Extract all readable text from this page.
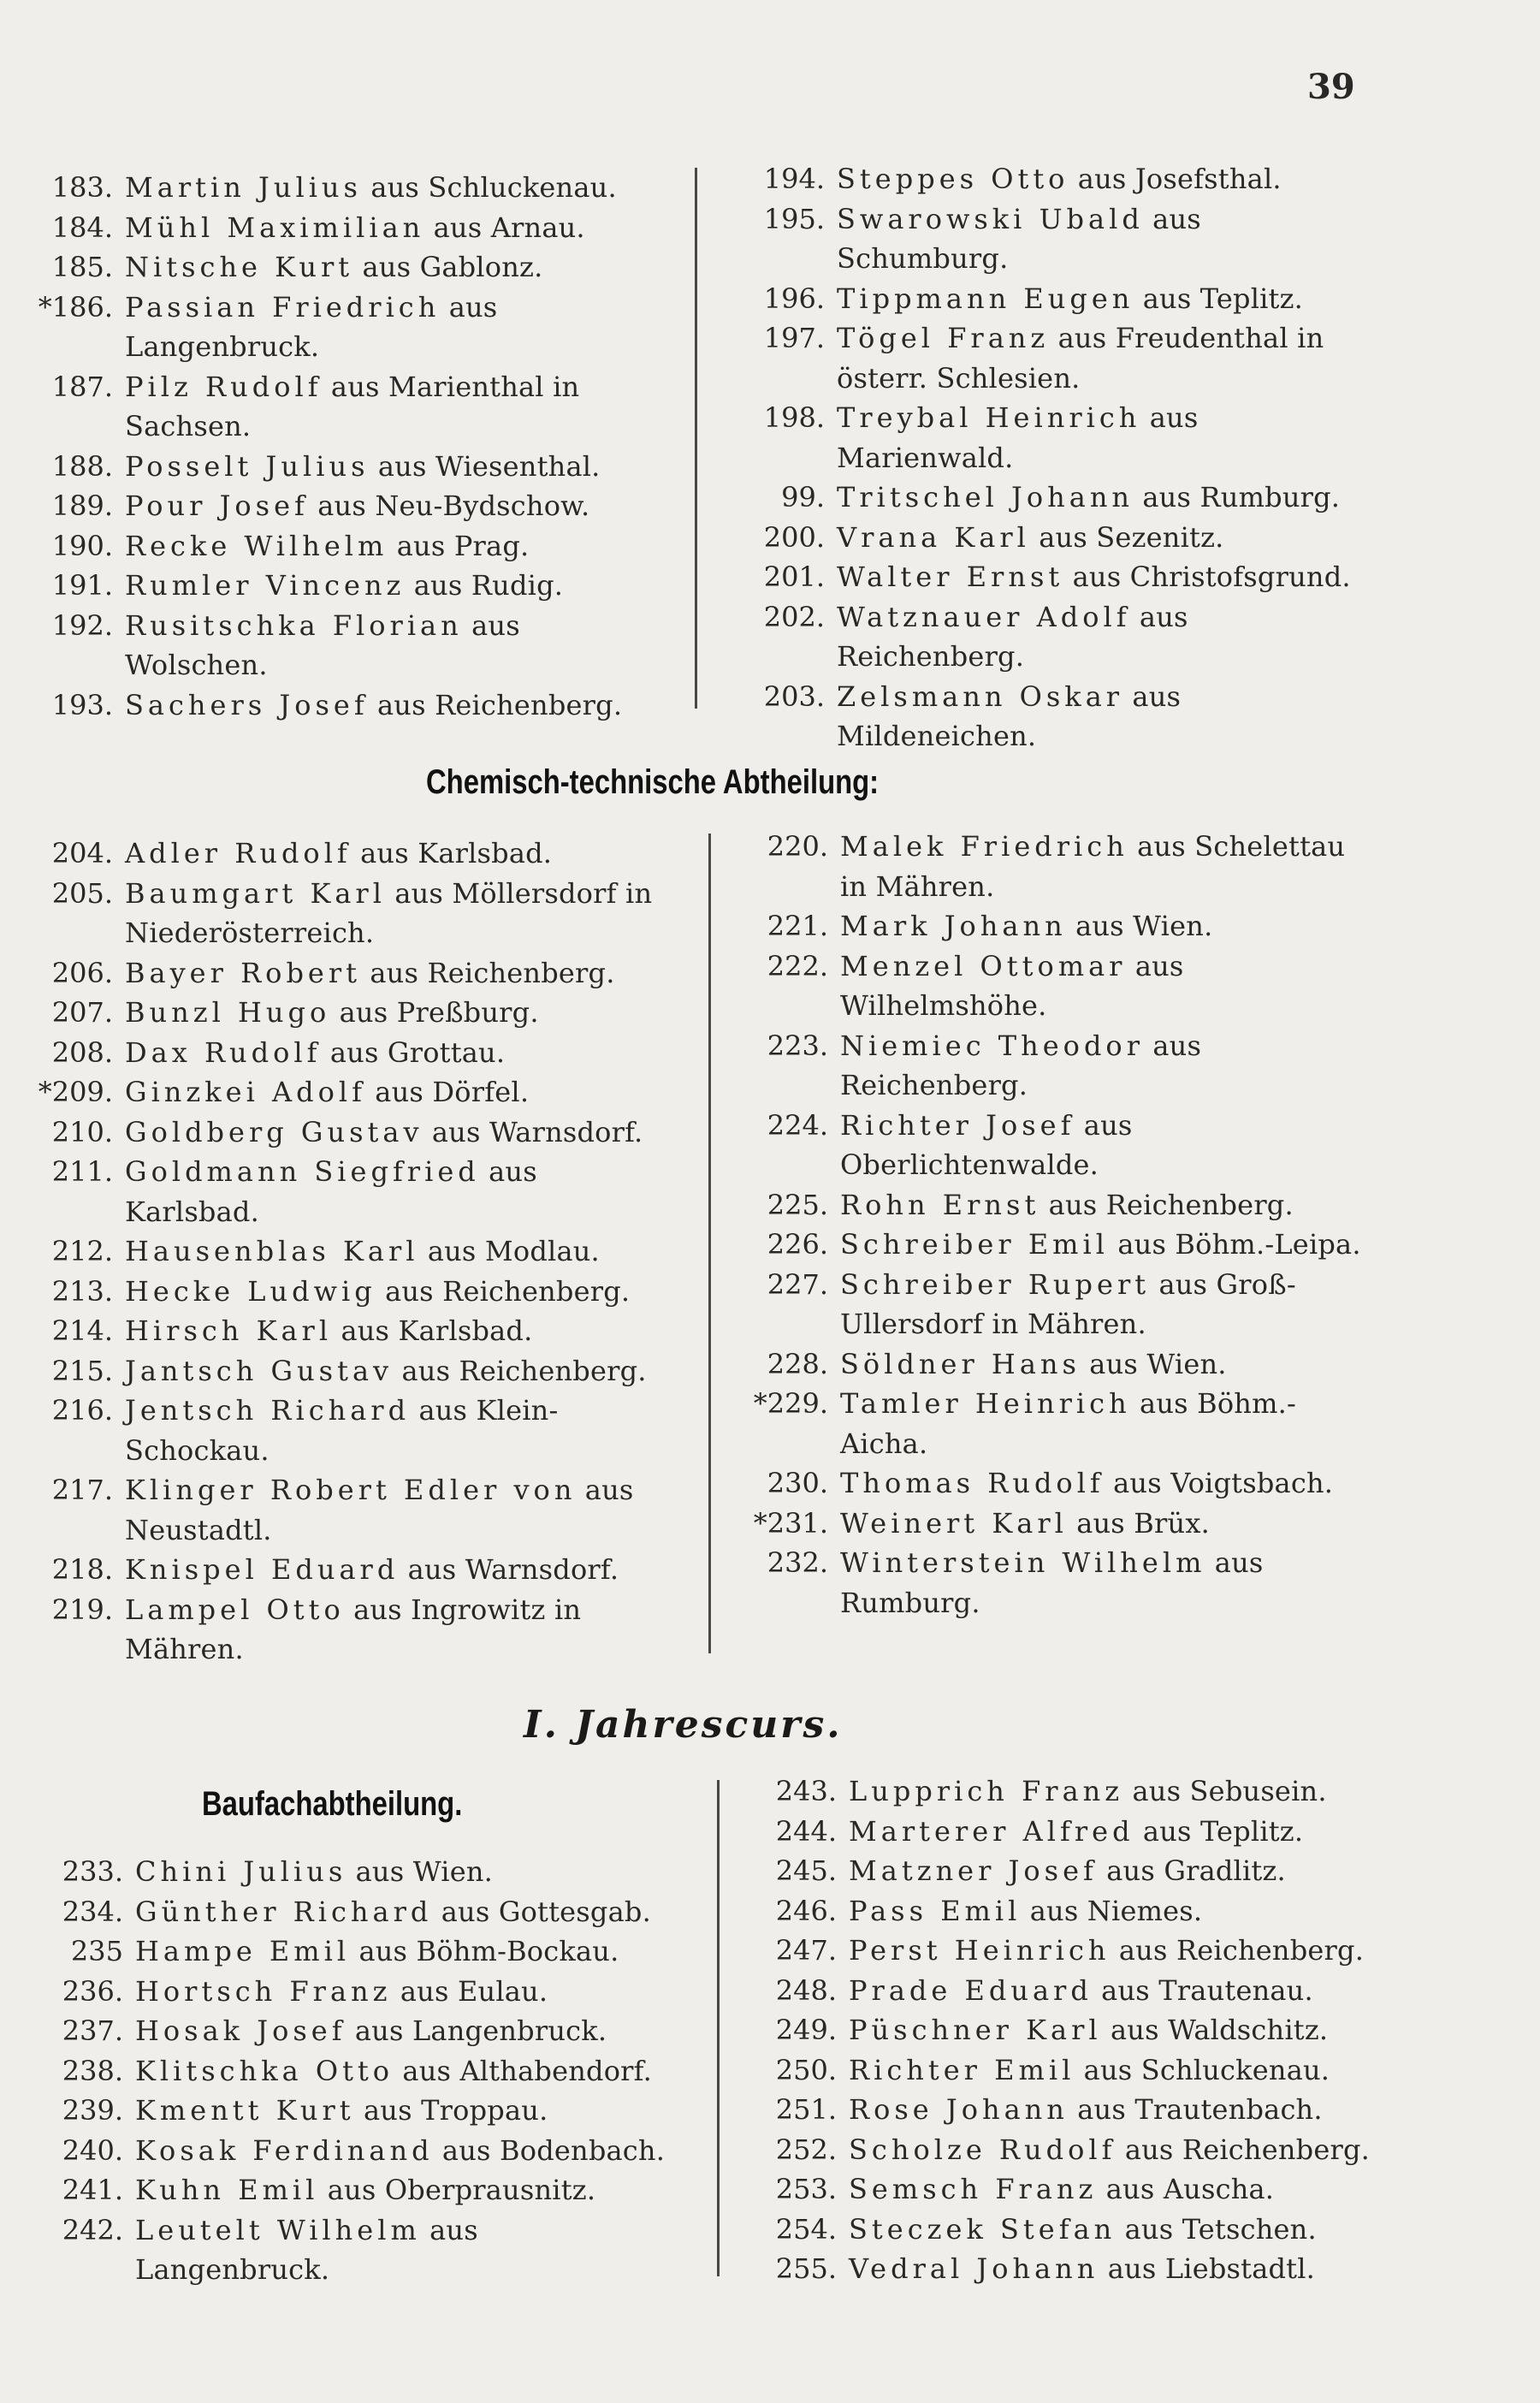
39
183. Martin Julius aus Schluckenau.
184. Mühl Maximilian aus Arnau.
185. Nitsche Kurt aus Gablonz.
*186. Passian Friedrich aus Langenbruck.
187. Pilz Rudolf aus Marienthal in Sachsen.
188. Posselt Julius aus Wiesenthal.
189. Pour Josef aus Neu-Bydschow.
190. Recke Wilhelm aus Prag.
191. Rumler Vincenz aus Rudig.
192. Rusitschka Florian aus Wolschen.
193. Sachers Josef aus Reichenberg.
194. Steppes Otto aus Josefsthal.
195. Swarowski Ubald aus Schumburg.
196. Tippmann Eugen aus Teplitz.
197. Tögel Franz aus Freudenthal in österr. Schlesien.
198. Treybal Heinrich aus Marienwald.
99. Tritschel Johann aus Rumburg.
200. Vrana Karl aus Sezenitz.
201. Walter Ernst aus Christofsgrund.
202. Watznauer Adolf aus Reichenberg.
203. Zelsmann Oskar aus Mildeneichen.
Chemisch-technische Abtheilung:
204. Adler Rudolf aus Karlsbad.
205. Baumgart Karl aus Möllersdorf in Niederösterreich.
206. Bayer Robert aus Reichenberg.
207. Bunzl Hugo aus Preßburg.
208. Dax Rudolf aus Grottau.
*209. Ginzkei Adolf aus Dörfel.
210. Goldberg Gustav aus Warnsdorf.
211. Goldmann Siegfried aus Karlsbad.
212. Hausenblas Karl aus Modlau.
213. Hecke Ludwig aus Reichenberg.
214. Hirsch Karl aus Karlsbad.
215. Jantsch Gustav aus Reichenberg.
216. Jentsch Richard aus Klein-Schockau.
217. Klinger Robert Edler von aus Neustadtl.
218. Knispel Eduard aus Warnsdorf.
219. Lampel Otto aus Ingrowitz in Mähren.
220. Malek Friedrich aus Schelettau in Mähren.
221. Mark Johann aus Wien.
222. Menzel Ottomar aus Wilhelmshöhe.
223. Niemiec Theodor aus Reichenberg.
224. Richter Josef aus Oberlichtenwalde.
225. Rohn Ernst aus Reichenberg.
226. Schreiber Emil aus Böhm.-Leipa.
227. Schreiber Rupert aus Groß-Ullersdorf in Mähren.
228. Söldner Hans aus Wien.
*229. Tamler Heinrich aus Böhm.-Aicha.
230. Thomas Rudolf aus Voigtsbach.
*231. Weinert Karl aus Brüx.
232. Winterstein Wilhelm aus Rumburg.
I. Jahrescurs.
Baufachabtheilung.
233. Chini Julius aus Wien.
234. Günther Richard aus Gottesgab.
235 Hampe Emil aus Böhm-Bockau.
236. Hortsch Franz aus Eulau.
237. Hosak Josef aus Langenbruck.
238. Klitschka Otto aus Althabendorf.
239. Kmentt Kurt aus Troppau.
240. Kosak Ferdinand aus Bodenbach.
241. Kuhn Emil aus Oberprausnitz.
242. Leutelt Wilhelm aus Langenbruck.
243. Lupprich Franz aus Sebusein.
244. Marterer Alfred aus Teplitz.
245. Matzner Josef aus Gradlitz.
246. Pass Emil aus Niemes.
247. Perst Heinrich aus Reichenberg.
248. Prade Eduard aus Trautenau.
249. Püschner Karl aus Waldschitz.
250. Richter Emil aus Schluckenau.
251. Rose Johann aus Trautenbach.
252. Scholze Rudolf aus Reichenberg.
253. Semsch Franz aus Auscha.
254. Steczek Stefan aus Tetschen.
255. Vedral Johann aus Liebstadtl.
